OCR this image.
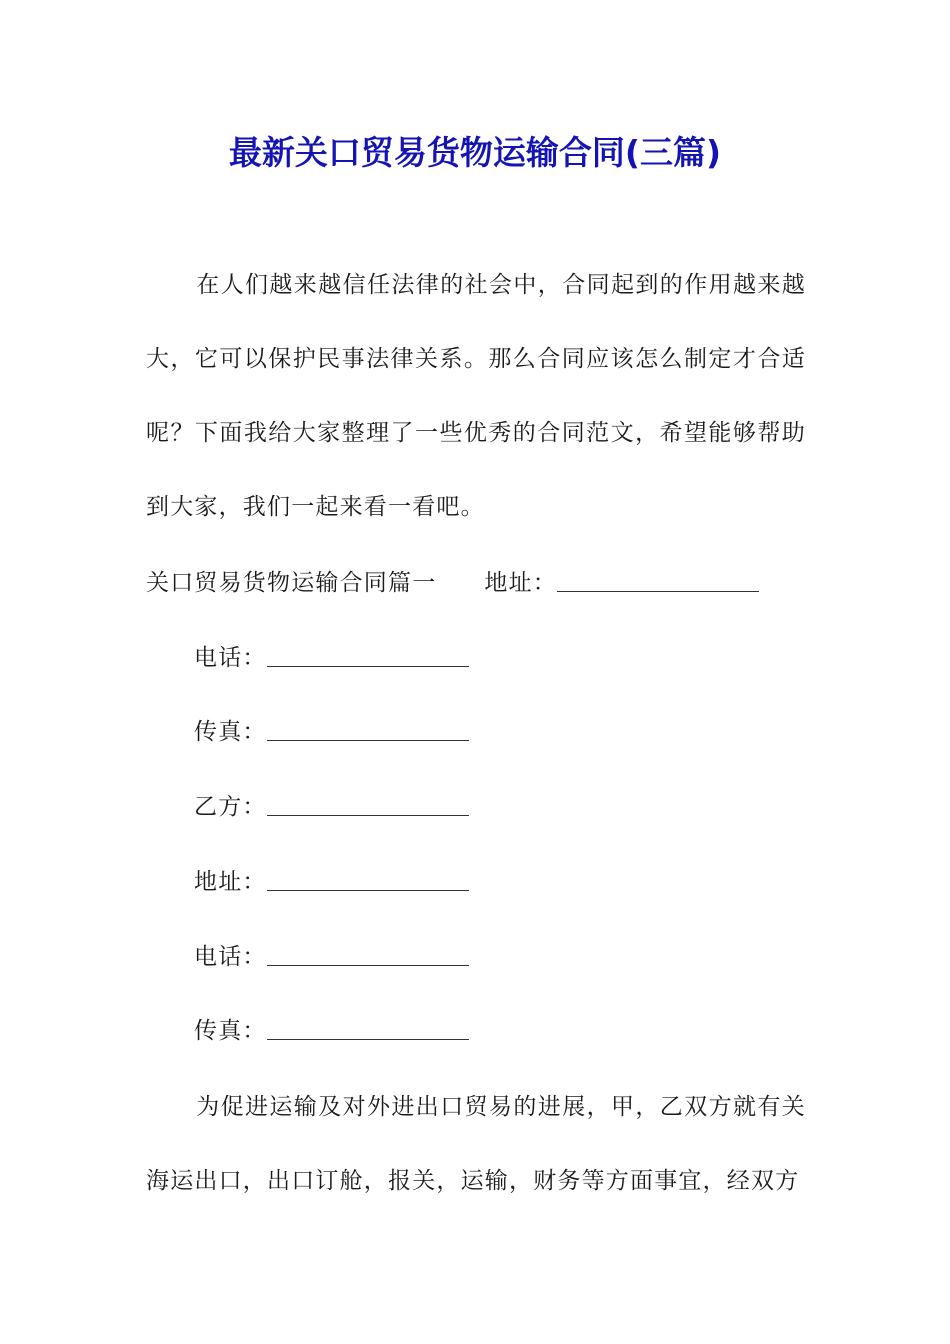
最新关口贸易货物运输合同(三篇)
在人们越来越信任法律的社会中，合同起到的作用越来越大，它可以保护民事法律关系。那么合同应该怎么制定才合适呢？下面我给大家整理了一些优秀的合同范文，希望能够帮助到大家，我们一起来看一看吧。
关口贸易货物运输合同篇一 地址：
电话：
传真：
乙方：
地址：
电话：
传真：
为促进运输及对外进出口贸易的进展，甲，乙双方就有关海运出口，出口订舱，报关，运输，财务等方面事宜，经双方
